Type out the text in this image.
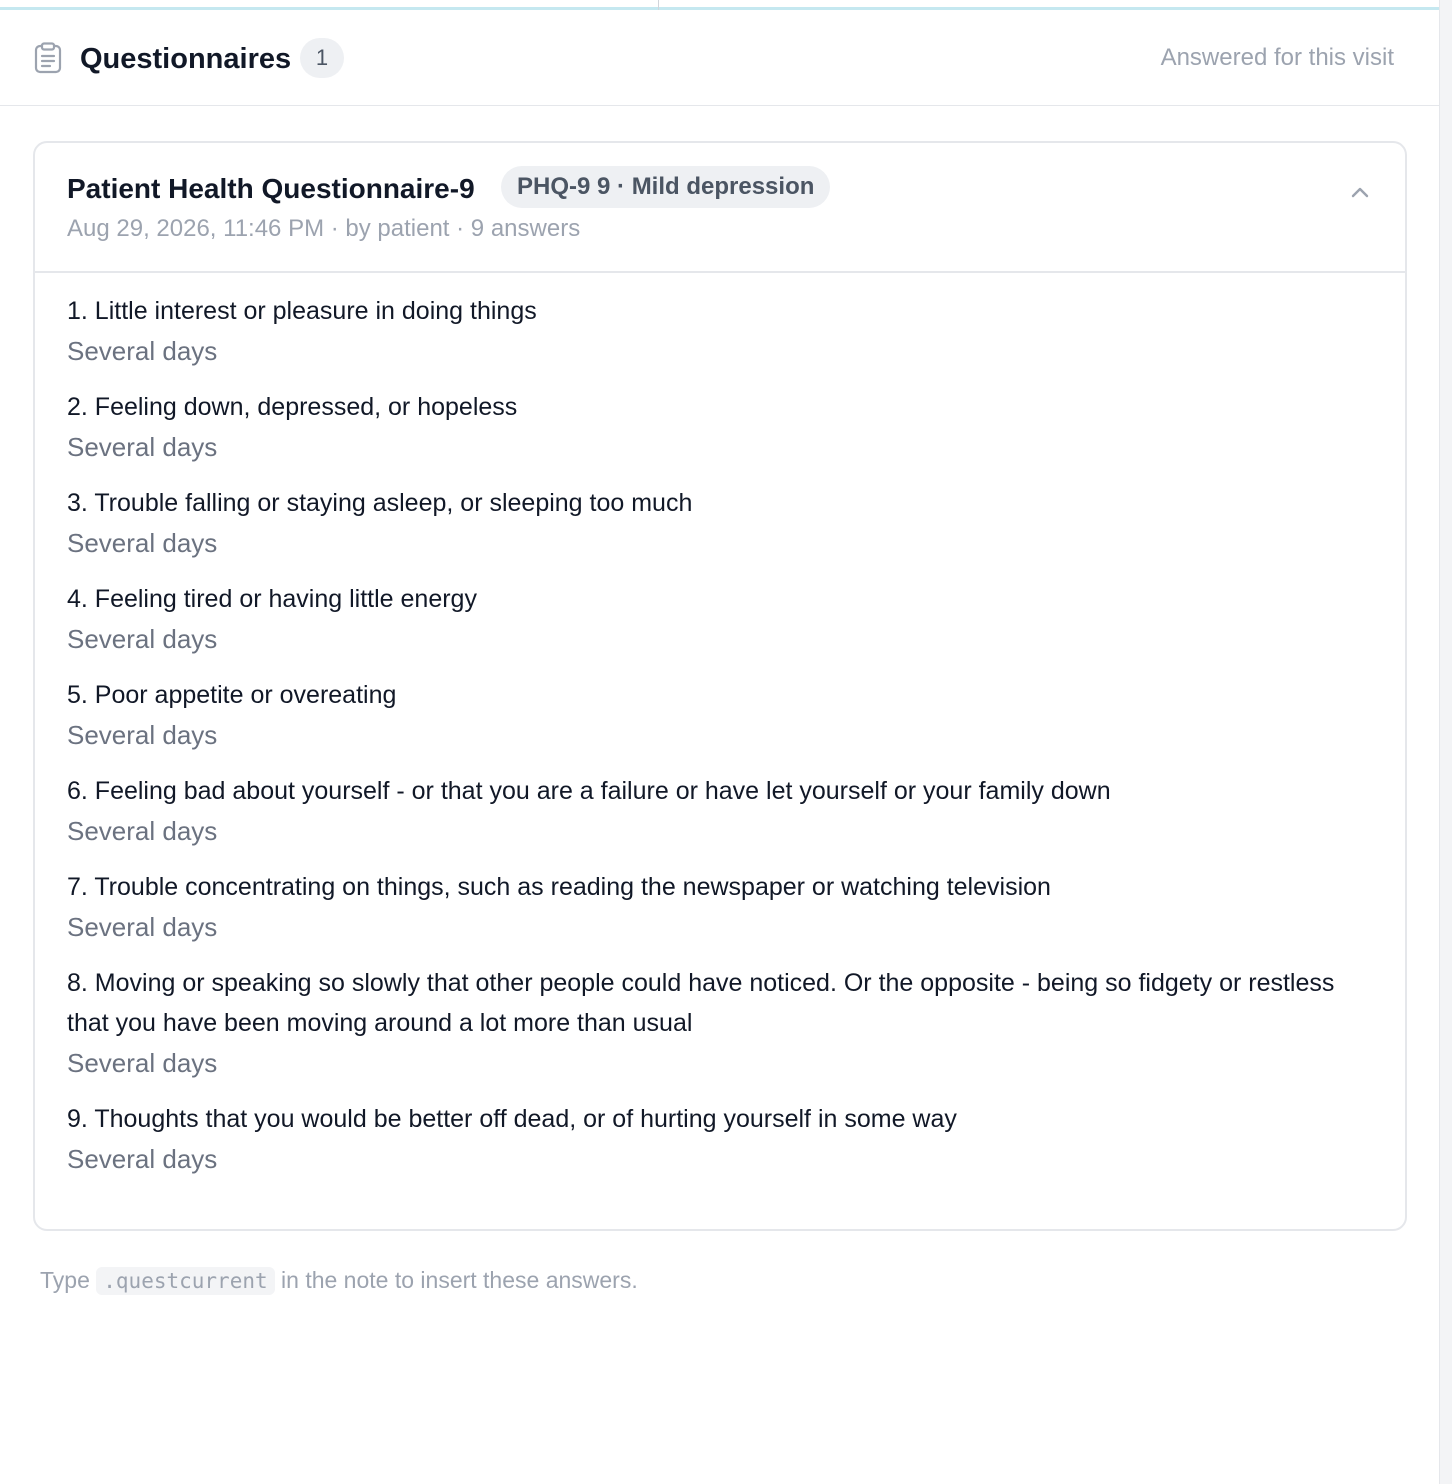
Questionnaires	1	Answered for this visit
Patient Health Questionnaire-9	PHQ-9 9 · Mild depression
Aug 29, 2026, 11:46 PM · by patient · 9 answers
1. Little interest or pleasure in doing things
Several days
2. Feeling down, depressed, or hopeless
Several days
3. Trouble falling or staying asleep, or sleeping too much
Several days
4. Feeling tired or having little energy
Several days
5. Poor appetite or overeating
Several days
6. Feeling bad about yourself - or that you are a failure or have let yourself or your family down
Several days
7. Trouble concentrating on things, such as reading the newspaper or watching television
Several days
8. Moving or speaking so slowly that other people could have noticed. Or the opposite - being so fidgety or restless that you have been moving around a lot more than usual
Several days
9. Thoughts that you would be better off dead, or of hurting yourself in some way
Several days
Type .questcurrent in the note to insert these answers.
